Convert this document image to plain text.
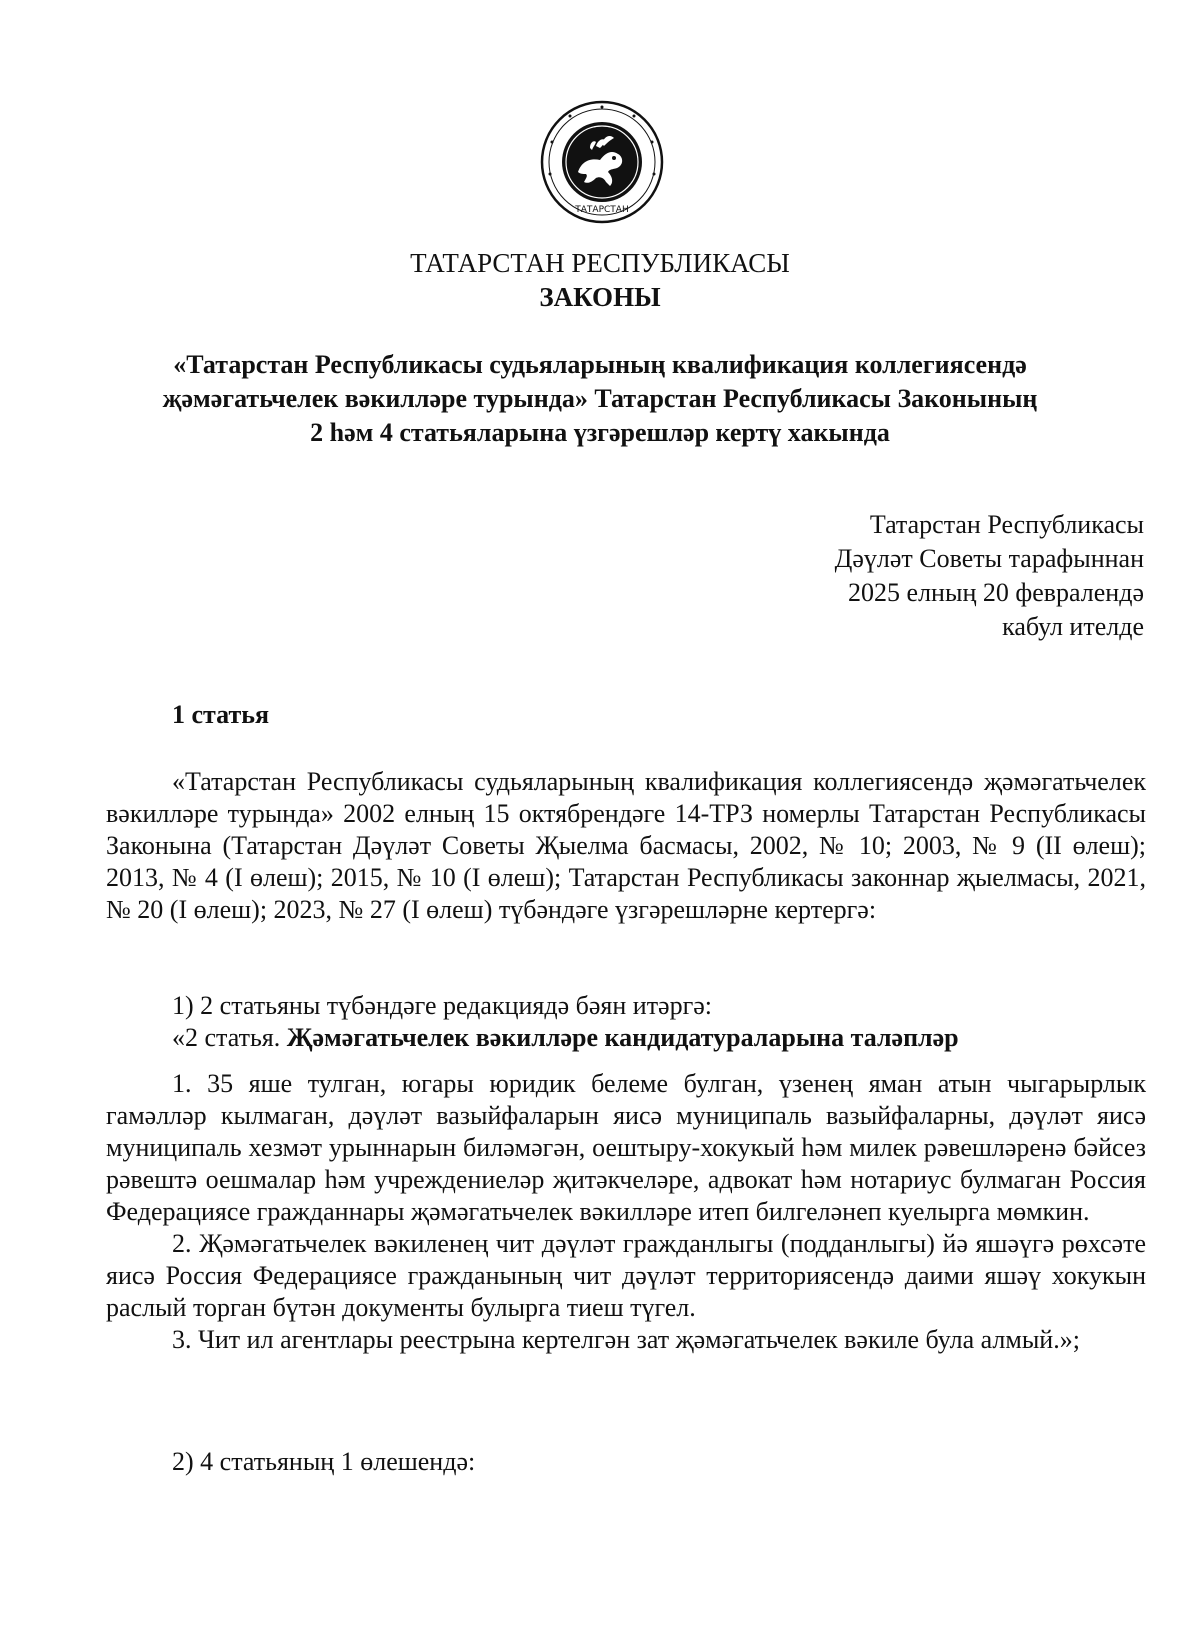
ТАТАРСТАН
ТАТАРСТАН РЕСПУБЛИКАСЫ
ЗАКОНЫ
«Татарстан Республикасы судьяларының квалификация коллегиясендә
җәмәгатьчелек вәкилләре турында» Татарстан Республикасы Законының
2 һәм 4 статьяларына үзгәрешләр кертү хакында
Татарстан Республикасы
Дәүләт Советы тарафыннан
2025 елның 20 февралендә
кабул ителде
1 статья
«Татарстан Республикасы судьяларының квалификация коллегиясендә җәмәгатьчелек вәкилләре турында» 2002 елның 15 октябрендәге 14-ТРЗ номерлы Татарстан Республикасы Законына (Татарстан Дәүләт Советы Җыелма басмасы, 2002, № 10; 2003, № 9 (II өлеш); 2013, № 4 (I өлеш); 2015, № 10 (I өлеш); Татарстан Республикасы законнар җыелмасы, 2021, № 20 (I өлеш); 2023, № 27 (I өлеш) түбәндәге үзгәрешләрне кертергә:

1) 2 статьяны түбәндәге редакциядә бәян итәргә:

«2 статья. Җәмәгатьчелек вәкилләре кандидатураларына таләпләр

1. 35 яше тулган, югары юридик белеме булган, үзенең яман атын чыгарырлык гамәлләр кылмаган, дәүләт вазыйфаларын яисә муниципаль вазыйфаларны, дәүләт яисә муниципаль хезмәт урыннарын биләмәгән, оештыру-хокукый һәм милек рәвешләренә бәйсез рәвештә оешмалар һәм учреждениеләр җитәкчеләре, адвокат һәм нотариус булмаган Россия Федерациясе гражданнары җәмәгатьчелек вәкилләре итеп билгеләнеп куелырга мөмкин.

2. Җәмәгатьчелек вәкиленең чит дәүләт гражданлыгы (подданлыгы) йә яшәүгә рөхсәте яисә Россия Федерациясе гражданының чит дәүләт территориясендә даими яшәү хокукын раслый торган бүтән документы булырга тиеш түгел.

3. Чит ил агентлары реестрына кертелгән зат җәмәгатьчелек вәкиле була алмый.»;

2) 4 статьяның 1 өлешендә:
